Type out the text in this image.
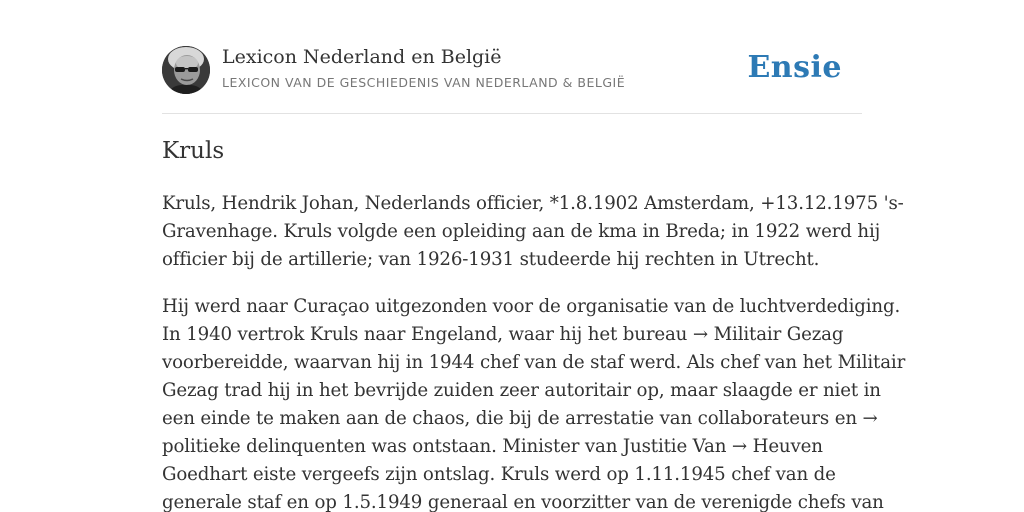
Lexicon Nederland en België
LEXICON VAN DE GESCHIEDENIS VAN NEDERLAND & BELGIË	Ensie
Kruls

Kruls, Hendrik Johan, Nederlands officier, *1.8.1902 Amsterdam, +13.12.1975 's-
Gravenhage. Kruls volgde een opleiding aan de kma in Breda; in 1922 werd hij
officier bij de artillerie; van 1926-1931 studeerde hij rechten in Utrecht.

Hij werd naar Curaçao uitgezonden voor de organisatie van de luchtverdediging.
In 1940 vertrok Kruls naar Engeland, waar hij het bureau → Militair Gezag
voorbereidde, waarvan hij in 1944 chef van de staf werd. Als chef van het Militair
Gezag trad hij in het bevrijde zuiden zeer autoritair op, maar slaagde er niet in
een einde te maken aan de chaos, die bij de arrestatie van collaborateurs en →
politieke delinquenten was ontstaan. Minister van Justitie Van → Heuven
Goedhart eiste vergeefs zijn ontslag. Kruls werd op 1.11.1945 chef van de
generale staf en op 1.5.1949 generaal en voorzitter van de verenigde chefs van
